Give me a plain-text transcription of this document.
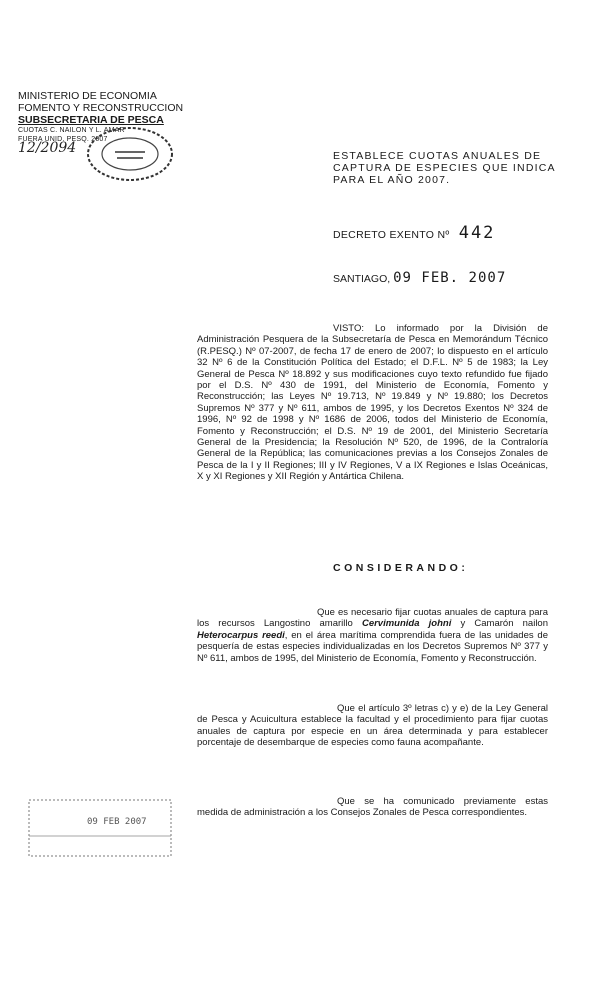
MINISTERIO DE ECONOMIA
FOMENTO Y RECONSTRUCCION
SUBSECRETARIA DE PESCA
CUOTAS C. NAILON Y L. AMAR
FUERA UNID. PESQ. 2007
12/2094	ESTABLECE CUOTAS ANUALES DE
CAPTURA DE ESPECIES QUE INDICA
PARA EL AÑO 2007.
DECRETO EXENTO Nº 442
SANTIAGO, 09 FEB. 2007
VISTO: Lo informado por la División de Administración Pesquera de la Subsecretaría de Pesca en Memorándum Técnico (R.PESQ.) Nº 07-2007, de fecha 17 de enero de 2007; lo dispuesto en el artículo 32 Nº 6 de la Constitución Política del Estado; el D.F.L. Nº 5 de 1983; la Ley General de Pesca Nº 18.892 y sus modificaciones cuyo texto refundido fue fijado por el D.S. Nº 430 de 1991, del Ministerio de Economía, Fomento y Reconstrucción; las Leyes Nº 19.713, Nº 19.849 y Nº 19.880; los Decretos Supremos Nº 377 y Nº 611, ambos de 1995, y los Decretos Exentos Nº 324 de 1996, Nº 92 de 1998 y Nº 1686 de 2006, todos del Ministerio de Economía, Fomento y Reconstrucción; el D.S. Nº 19 de 2001, del Ministerio Secretaría General de la Presidencia; la Resolución Nº 520, de 1996, de la Contraloría General de la República; las comunicaciones previas a los Consejos Zonales de Pesca de la I y II Regiones; III y IV Regiones, V a IX Regiones e Islas Oceánicas, X y XI Regiones y XII Región y Antártica Chilena.
CONSIDERANDO:
Que es necesario fijar cuotas anuales de captura para los recursos Langostino amarillo Cervimunida johni y Camarón nailon Heterocarpus reedi, en el área marítima comprendida fuera de las unidades de pesquería de estas especies individualizadas en los Decretos Supremos Nº 377 y Nº 611, ambos de 1995, del Ministerio de Economía, Fomento y Reconstrucción.
Que el artículo 3º letras c) y e) de la Ley General de Pesca y Acuicultura establece la facultad y el procedimiento para fijar cuotas anuales de captura por especie en un área determinada y para establecer porcentaje de desembarque de especies como fauna acompañante.
Que se ha comunicado previamente estas medida de administración a los Consejos Zonales de Pesca correspondientes.
09 FEB 2007
